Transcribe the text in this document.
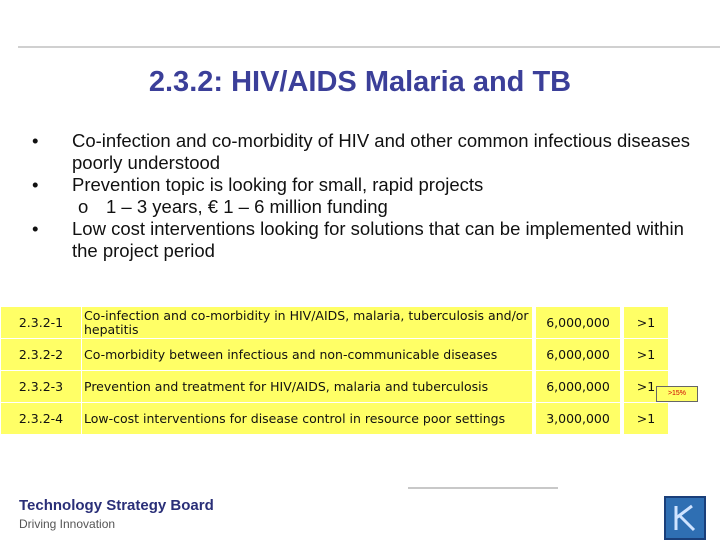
2.3.2: HIV/AIDS Malaria and TB
•	Co-infection and co-morbidity of HIV and other common infectious diseases poorly understood
•	Prevention topic is looking for small, rapid projects
o 1 – 3 years, € 1 – 6 million funding
•	Low cost interventions looking for solutions that can be implemented within the project period
2.3.2-1	Co-infection and co-morbidity in HIV/AIDS, malaria, tuberculosis and/or hepatitis		6,000,000		>1
2.3.2-2	Co-morbidity between infectious and non-communicable diseases		6,000,000		>1
2.3.2-3	Prevention and treatment for HIV/AIDS, malaria and tuberculosis		6,000,000		>1
2.3.2-4	Low-cost interventions for disease control in resource poor settings		3,000,000		>1
>15%
Technology Strategy Board
Driving Innovation
